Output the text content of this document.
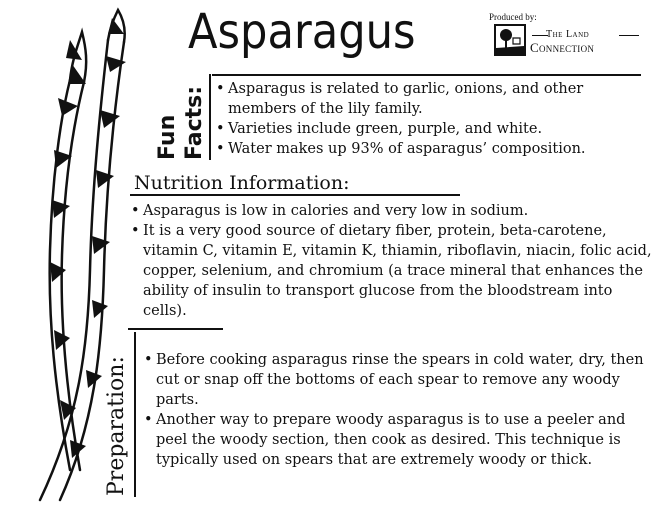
Asparagus	Produced by:
The Land
Connection
Fun Facts:	• Asparagus is related to garlic, onions, and other members of the lily family.
• Varieties include green, purple, and white.
• Water makes up 93% of asparagus’ composition.
Nutrition Information:
• Asparagus is low in calories and very low in sodium.
• It is a very good source of dietary fiber, protein, beta-carotene, vitamin C, vitamin E, vitamin K, thiamin, riboflavin, niacin, folic acid, copper, selenium, and chromium (a trace mineral that enhances the ability of insulin to transport glucose from the bloodstream into cells).
Preparation:	• Before cooking asparagus rinse the spears in cold water, dry, then cut or snap off the bottoms of each spear to remove any woody parts.
• Another way to prepare woody asparagus is to use a peeler and peel the woody section, then cook as desired. This technique is typically used on spears that are extremely woody or thick.
